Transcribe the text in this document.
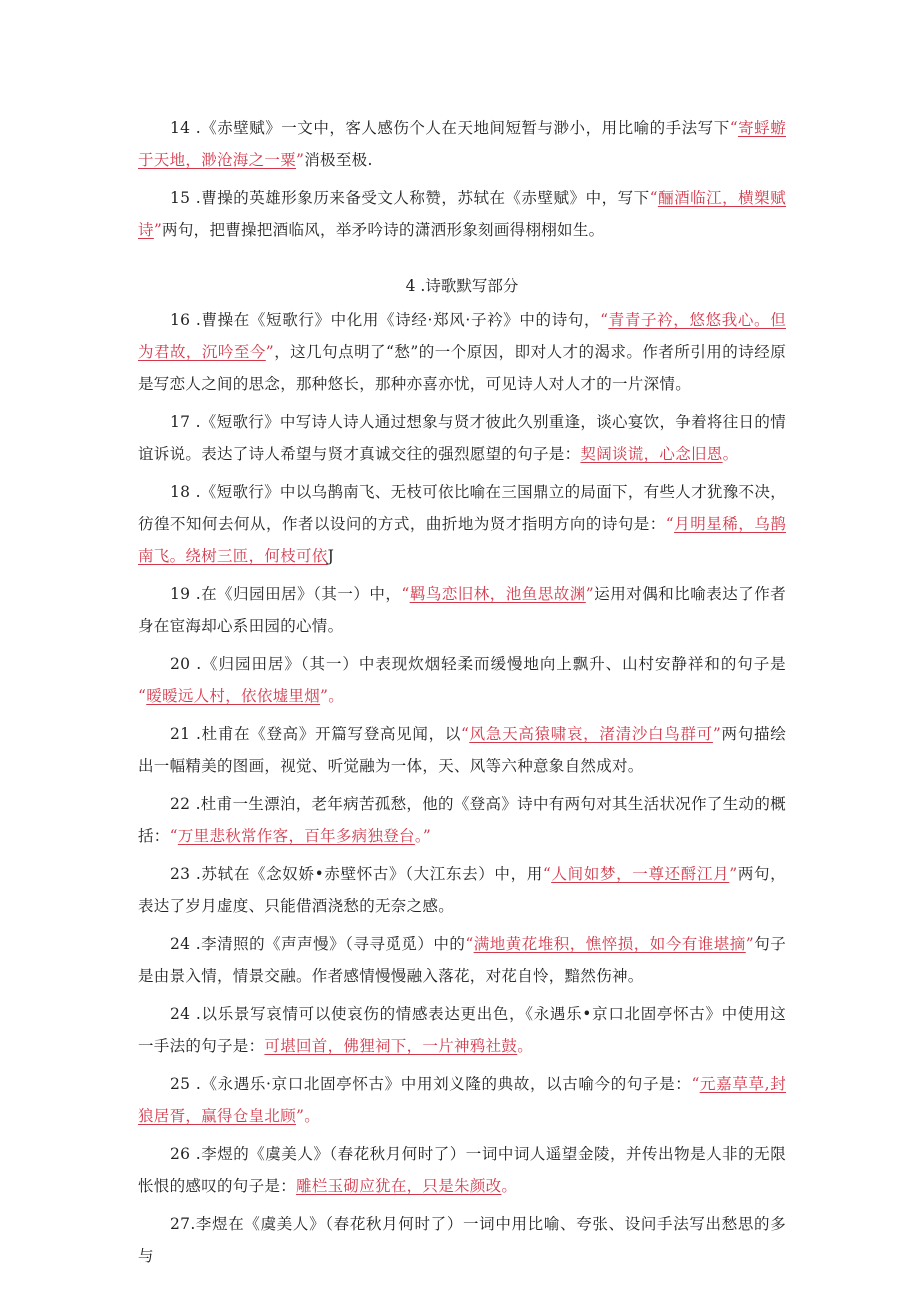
14 .《赤壁赋》一文中，客人感伤个人在天地间短暂与渺小，用比喻的手法写下“寄蜉蝣于天地，渺沧海之一粟”消极至极.

15 .曹操的英雄形象历来备受文人称赞，苏轼在《赤壁赋》中，写下“酾酒临江，横槊赋诗”两句，把曹操把酒临风，举矛吟诗的潇洒形象刻画得栩栩如生。

4 .诗歌默写部分

16 .曹操在《短歌行》中化用《诗经·郑风·子衿》中的诗句，“青青子衿，悠悠我心。但为君故，沉吟至今”，这几句点明了“愁”的一个原因，即对人才的渴求。作者所引用的诗经原是写恋人之间的思念，那种悠长，那种亦喜亦忧，可见诗人对人才的一片深情。

17 .《短歌行》中写诗人诗人通过想象与贤才彼此久别重逢，谈心宴饮，争着将往日的情谊诉说。表达了诗人希望与贤才真诚交往的强烈愿望的句子是：契阔谈谎，心念旧恩。

18 .《短歌行》中以乌鹊南飞、无枝可依比喻在三国鼎立的局面下，有些人才犹豫不决，彷徨不知何去何从，作者以设问的方式，曲折地为贤才指明方向的诗句是：“月明星稀，乌鹊南飞。绕树三匝，何枝可依J

19 .在《归园田居》（其一）中，“羁鸟恋旧林，池鱼思故渊”运用对偶和比喻表达了作者身在宦海却心系田园的心情。

20 .《归园田居》（其一）中表现炊烟轻柔而缓慢地向上飘升、山村安静祥和的句子是 “暧暧远人村，依依墟里烟”。

21 .杜甫在《登高》开篇写登高见闻，以“风急天高猿啸哀，渚清沙白鸟群可”两句描绘出一幅精美的图画，视觉、听觉融为一体，天、风等六种意象自然成对。

22 .杜甫一生漂泊，老年病苦孤愁，他的《登高》诗中有两句对其生活状况作了生动的概括：“万里悲秋常作客，百年多病独登台。”

23 .苏轼在《念奴娇•赤壁怀古》（大江东去）中，用“人间如梦，一尊还酹江月”两句，表达了岁月虚度、只能借酒浇愁的无奈之感。

24 .李清照的《声声慢》（寻寻觅觅）中的“满地黄花堆积，憔悴损，如今有谁堪摘”句子是由景入情，情景交融。作者感情慢慢融入落花，对花自怜，黯然伤神。

24 .以乐景写哀情可以使哀伤的情感表达更出色，《永遇乐•京口北固亭怀古》中使用这一手法的句子是：可堪回首，佛狸祠下，一片神鸦社鼓。

25 .《永遇乐·京口北固亭怀古》中用刘义隆的典故，以古喻今的句子是：“元嘉草草,封狼居胥，赢得仓皇北顾”。

26 .李煜的《虞美人》（春花秋月何时了）一词中词人遥望金陵，并传出物是人非的无限怅恨的感叹的句子是：雕栏玉砌应犹在，只是朱颜改。

27.李煜在《虞美人》（春花秋月何时了）一词中用比喻、夸张、设问手法写出愁思的多与
